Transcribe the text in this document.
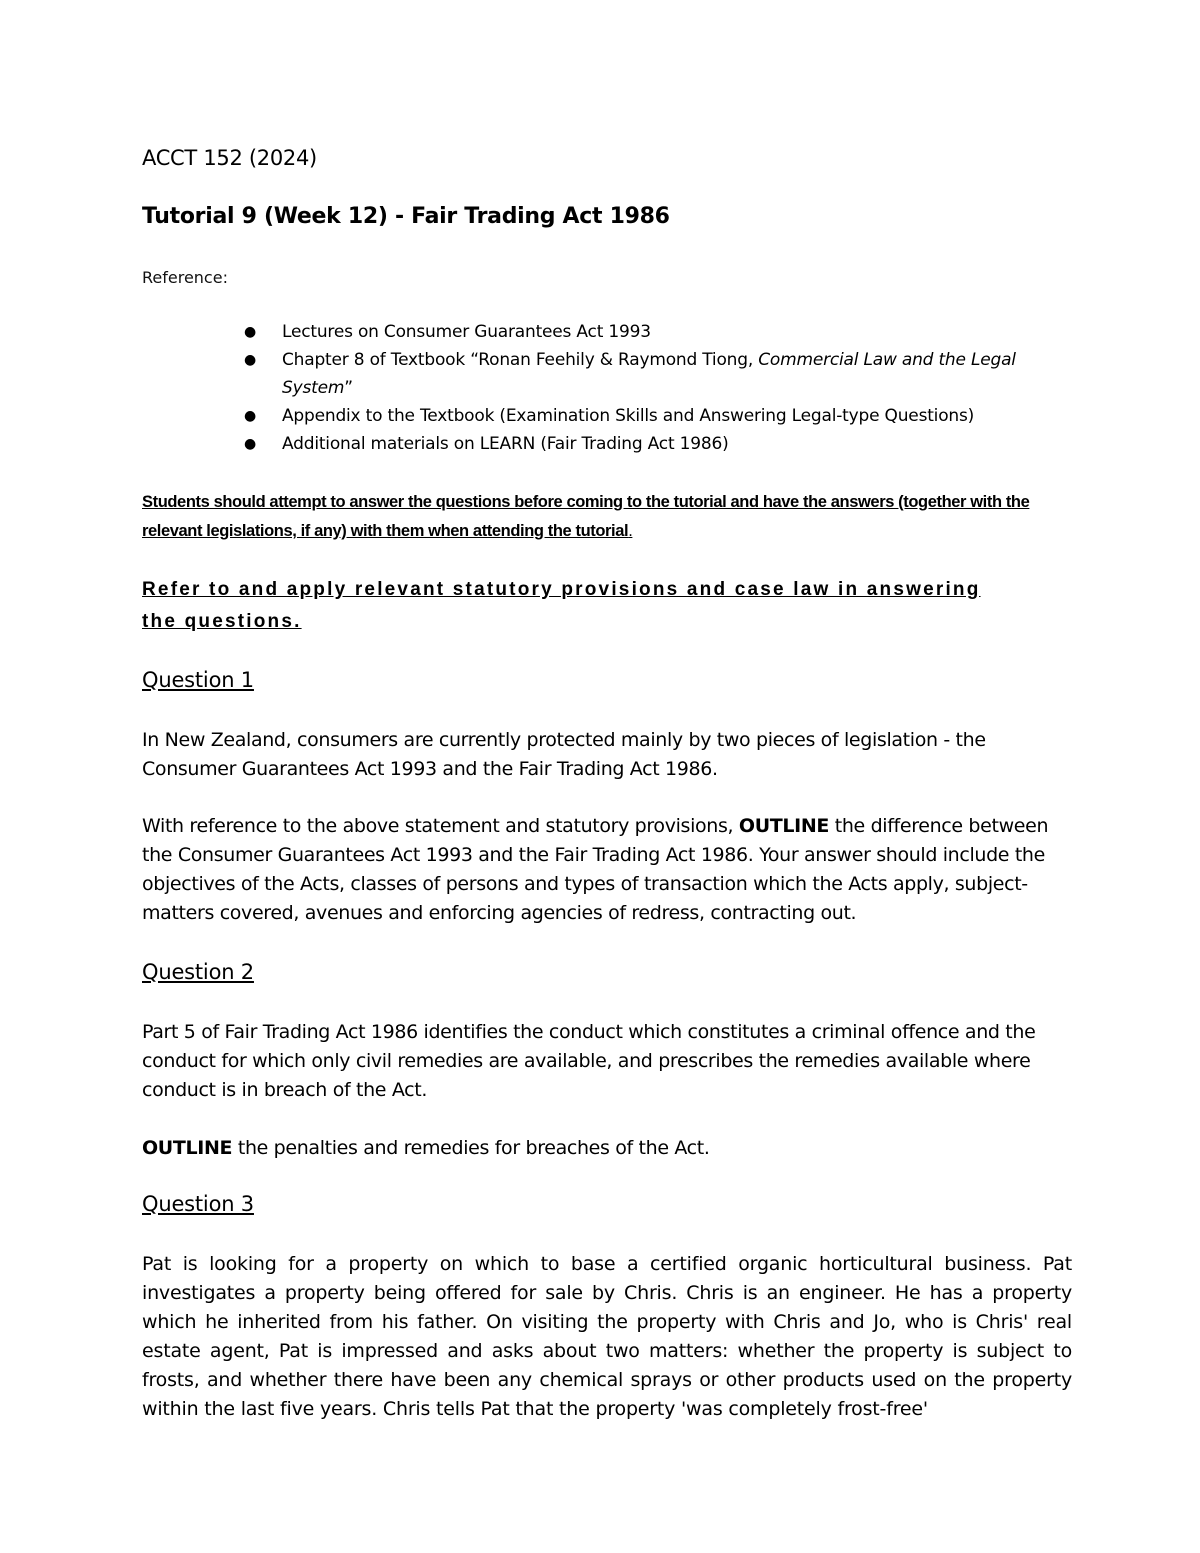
ACCT 152 (2024)

Tutorial 9 (Week 12) - Fair Trading Act 1986

Reference:

● Lectures on Consumer Guarantees Act 1993
● Chapter 8 of Textbook “Ronan Feehily & Raymond Tiong, Commercial Law and the Legal System”
● Appendix to the Textbook (Examination Skills and Answering Legal-type Questions)
● Additional materials on LEARN (Fair Trading Act 1986)

Students should attempt to answer the questions before coming to the tutorial and have the answers (together with the relevant legislations, if any) with them when attending the tutorial.

Refer to and apply relevant statutory provisions and case law in answering the questions.

Question 1

In New Zealand, consumers are currently protected mainly by two pieces of legislation - the Consumer Guarantees Act 1993 and the Fair Trading Act 1986.

With reference to the above statement and statutory provisions, OUTLINE the difference between the Consumer Guarantees Act 1993 and the Fair Trading Act 1986. Your answer should include the objectives of the Acts, classes of persons and types of transaction which the Acts apply, subject-matters covered, avenues and enforcing agencies of redress, contracting out.

Question 2

Part 5 of Fair Trading Act 1986 identifies the conduct which constitutes a criminal offence and the conduct for which only civil remedies are available, and prescribes the remedies available where conduct is in breach of the Act.

OUTLINE the penalties and remedies for breaches of the Act.

Question 3

Pat is looking for a property on which to base a certified organic horticultural business. Pat investigates a property being offered for sale by Chris. Chris is an engineer. He has a property which he inherited from his father. On visiting the property with Chris and Jo, who is Chris' real estate agent, Pat is impressed and asks about two matters: whether the property is subject to frosts, and whether there have been any chemical sprays or other products used on the property within the last five years. Chris tells Pat that the property 'was completely frost-free'
